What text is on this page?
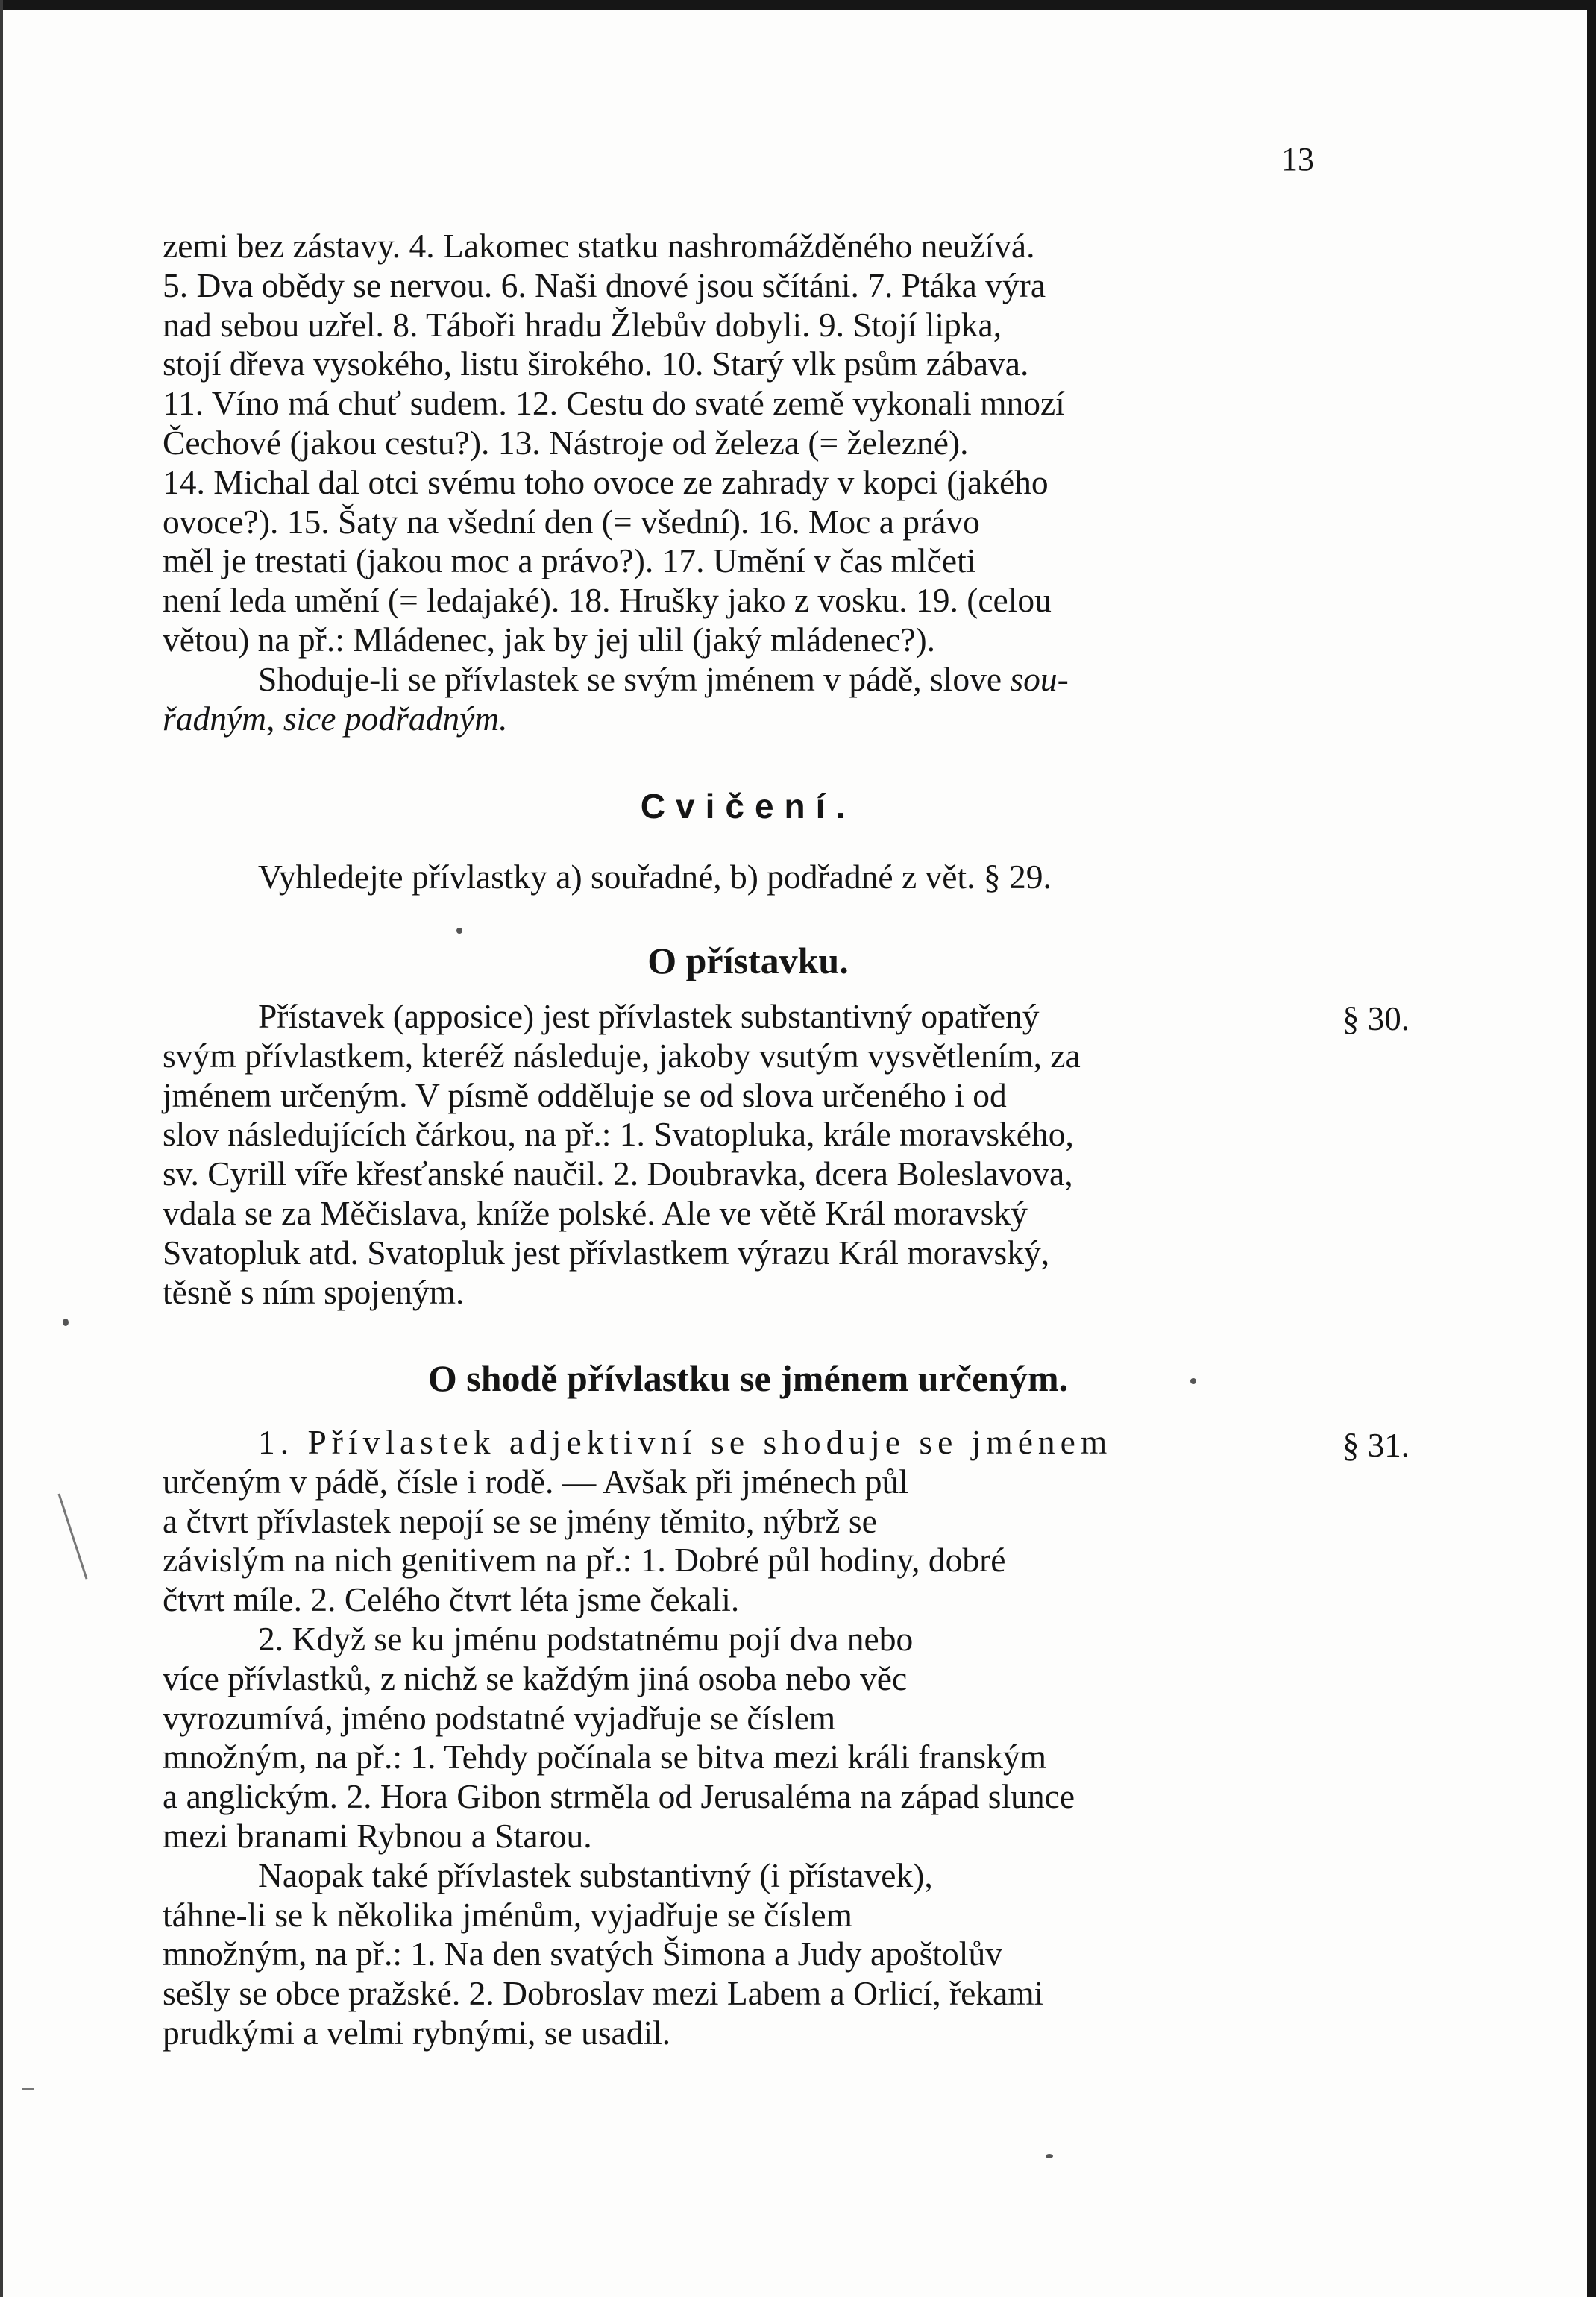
13
zemi bez zástavy. 4. Lakomec statku nashromážděného neužívá.
5. Dva obědy se nervou. 6. Naši dnové jsou sčítáni. 7. Ptáka výra
nad sebou uzřel. 8. Táboři hradu Žlebův dobyli. 9. Stojí lipka,
stojí dřeva vysokého, listu širokého. 10. Starý vlk psům zábava.
11. Víno má chuť sudem. 12. Cestu do svaté země vykonali mnozí
Čechové (jakou cestu?). 13. Nástroje od železa (= železné).
14. Michal dal otci svému toho ovoce ze zahrady v kopci (jakého
ovoce?). 15. Šaty na všední den (= všední). 16. Moc a právo
měl je trestati (jakou moc a právo?). 17. Umění v čas mlčeti
není leda umění (= ledajaké). 18. Hrušky jako z vosku. 19. (celou
větou) na př.: Mládenec, jak by jej ulil (jaký mládenec?).
Shoduje-li se přívlastek se svým jménem v pádě, slove sou-
řadným, sice podřadným.
Cvičení.
Vyhledejte přívlastky a) souřadné, b) podřadné z vět. § 29.
O přístavku.
§ 30.
Přístavek (apposice) jest přívlastek substantivný opatřený
svým přívlastkem, kteréž následuje, jakoby vsutým vysvětlením, za
jménem určeným. V písmě odděluje se od slova určeného i od
slov následujících čárkou, na př.: 1. Svatopluka, krále moravského,
sv. Cyrill víře křesťanské naučil. 2. Doubravka, dcera Boleslavova,
vdala se za Měčislava, kníže polské. Ale ve větě Král moravský
Svatopluk atd. Svatopluk jest přívlastkem výrazu Král moravský,
těsně s ním spojeným.
O shodě přívlastku se jménem určeným.
§ 31.
1. Přívlastek adjektivní se shoduje se jménem
určeným v pádě, čísle i rodě. — Avšak při jménech půl
a čtvrt přívlastek nepojí se se jmény těmito, nýbrž se
závislým na nich genitivem na př.: 1. Dobré půl hodiny, dobré
čtvrt míle. 2. Celého čtvrt léta jsme čekali.
2. Když se ku jménu podstatnému pojí dva nebo
více přívlastků, z nichž se každým jiná osoba nebo věc
vyrozumívá, jméno podstatné vyjadřuje se číslem
množným, na př.: 1. Tehdy počínala se bitva mezi králi franským
a anglickým. 2. Hora Gibon strměla od Jerusaléma na západ slunce
mezi branami Rybnou a Starou.
Naopak také přívlastek substantivný (i přístavek),
táhne-li se k několika jménům, vyjadřuje se číslem
množným, na př.: 1. Na den svatých Šimona a Judy apoštolův
sešly se obce pražské. 2. Dobroslav mezi Labem a Orlicí, řekami
prudkými a velmi rybnými, se usadil.
